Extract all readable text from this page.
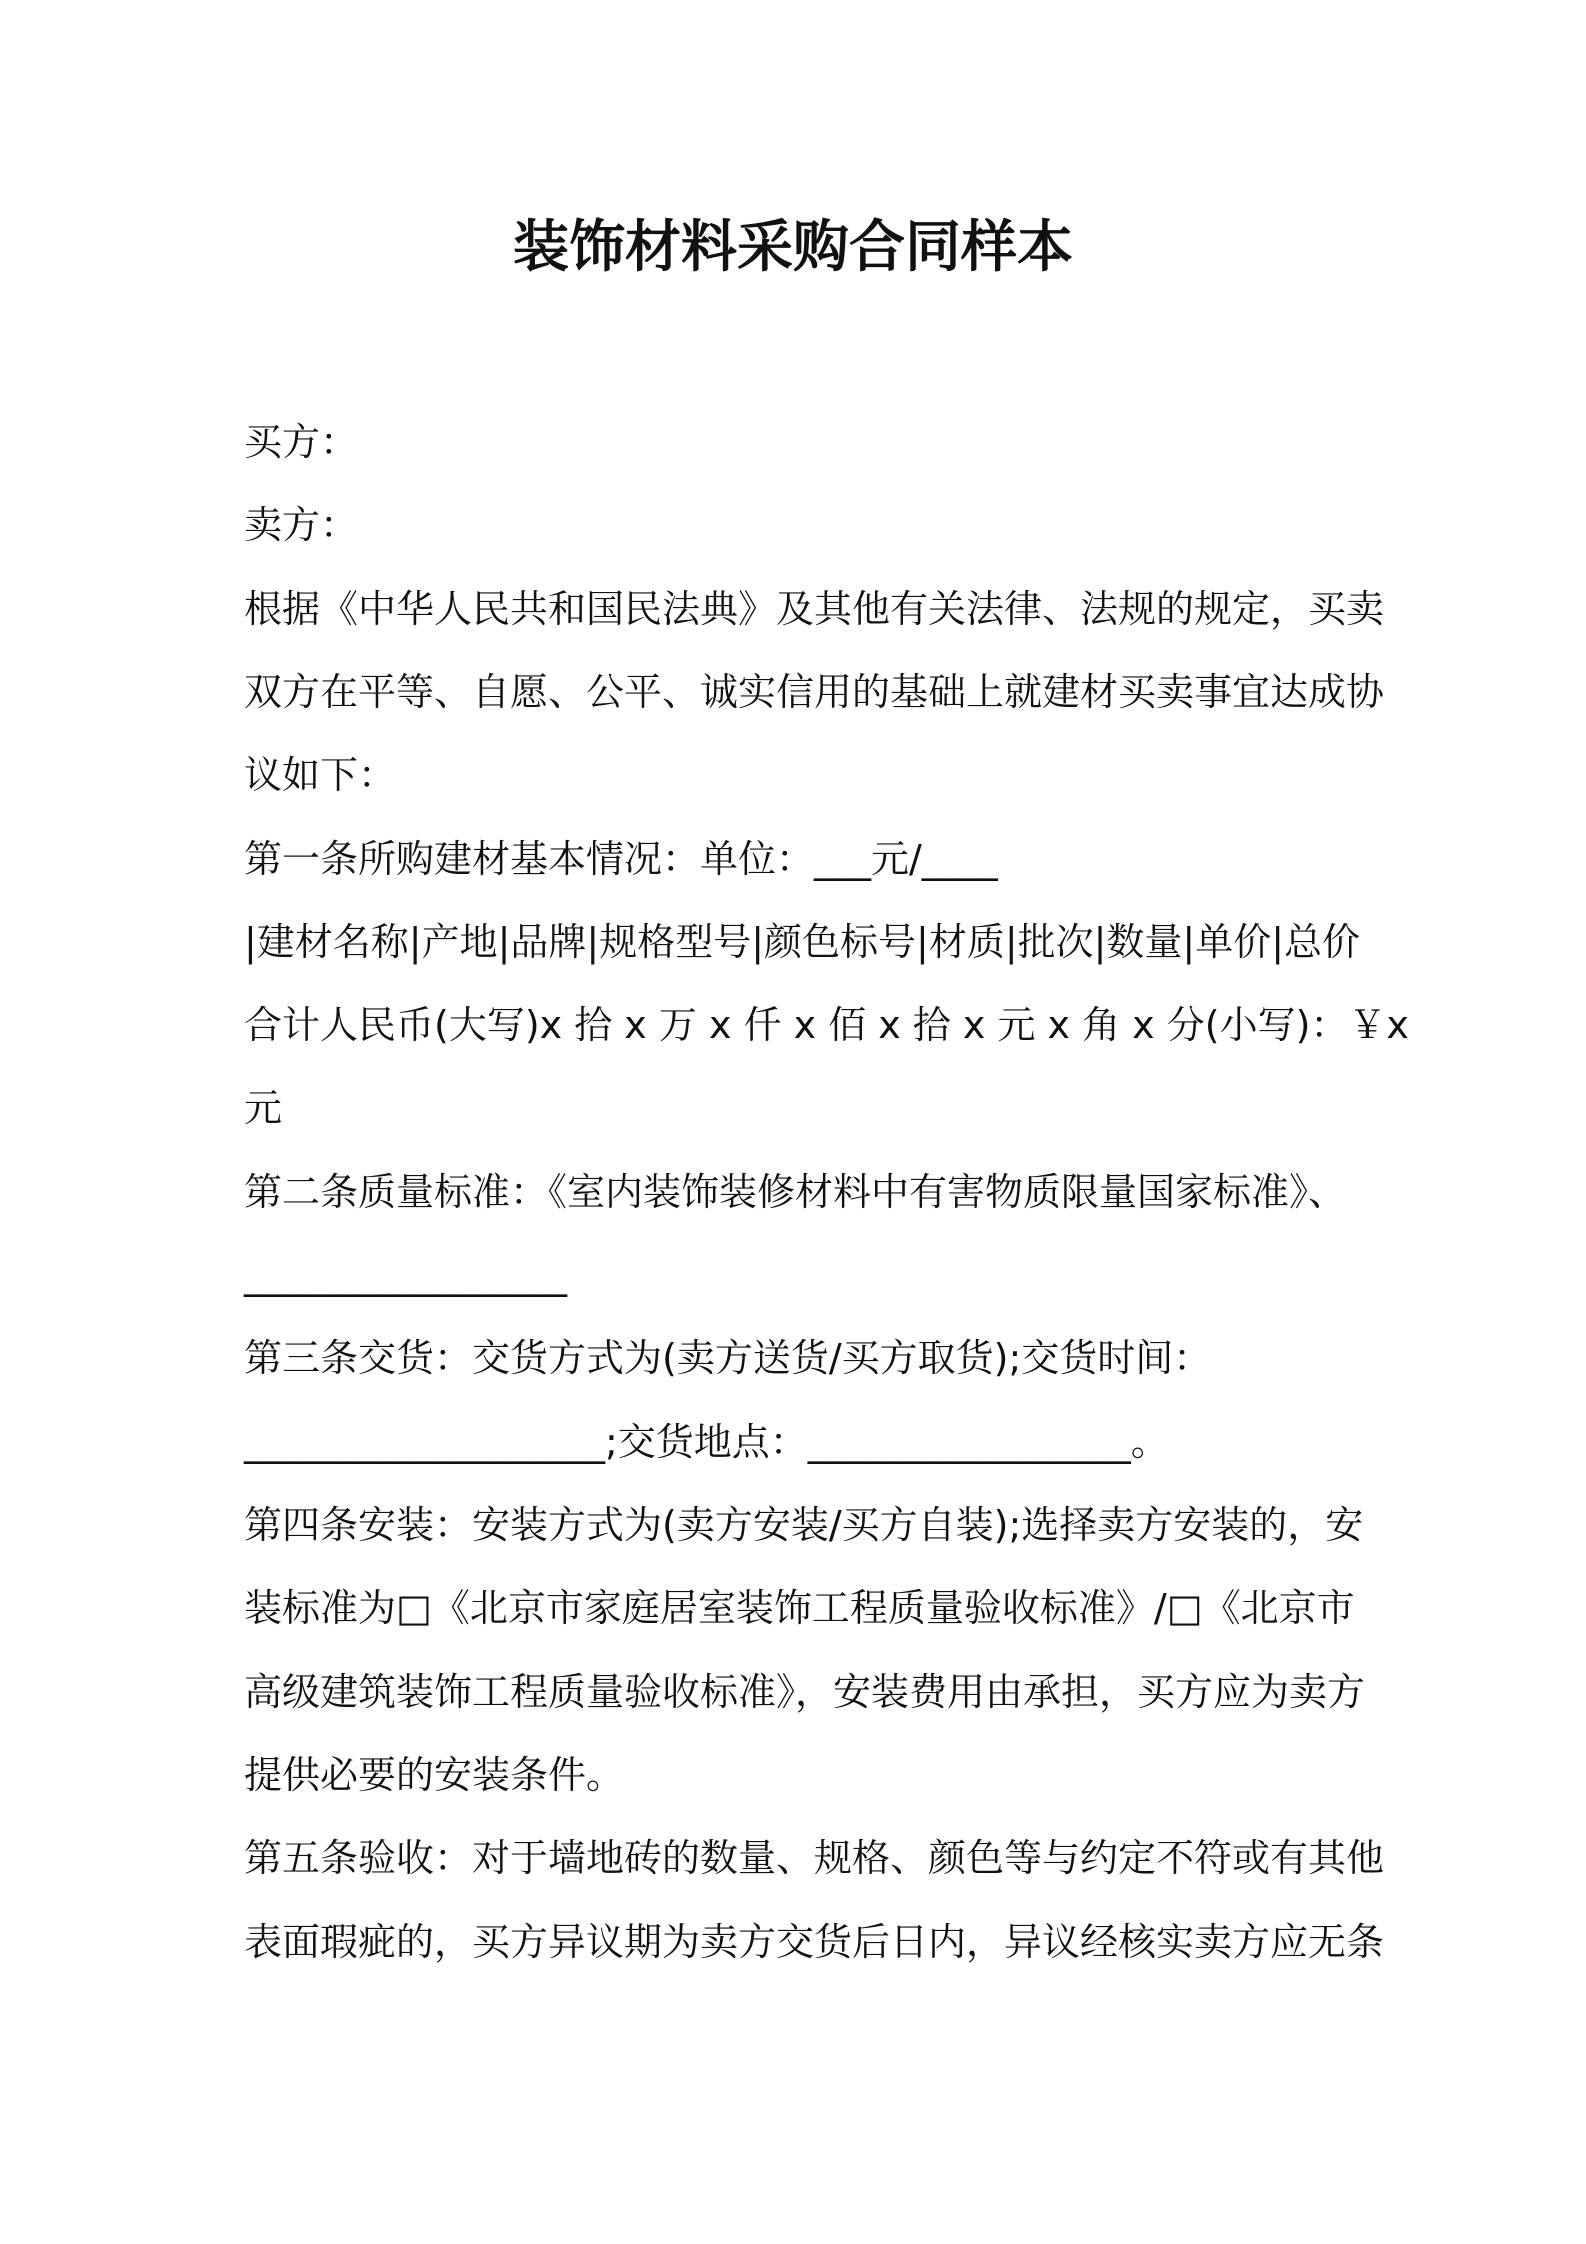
装饰材料采购合同样本

买方：

卖方：

根据《中华人民共和国民法典》及其他有关法律、法规的规定，买卖

双方在平等、自愿、公平、诚实信用的基础上就建材买卖事宜达成协

议如下：

第一条所购建材基本情况：单位：___元/____

|建材名称|产地|品牌|规格型号|颜色标号|材质|批次|数量|单价|总价

合计人民币(大写)x 拾 x 万 x 仟 x 佰 x 拾 x 元 x 角 x 分(小写)：￥x

元

第二条质量标准：《室内装饰装修材料中有害物质限量国家标准》、

_________________

第三条交货：交货方式为(卖方送货/买方取货);交货时间：

___________________;交货地点：_________________。

第四条安装：安装方式为(卖方安装/买方自装);选择卖方安装的，安

装标准为□《北京市家庭居室装饰工程质量验收标准》/□《北京市

高级建筑装饰工程质量验收标准》，安装费用由承担，买方应为卖方

提供必要的安装条件。

第五条验收：对于墙地砖的数量、规格、颜色等与约定不符或有其他

表面瑕疵的，买方异议期为卖方交货后日内，异议经核实卖方应无条
